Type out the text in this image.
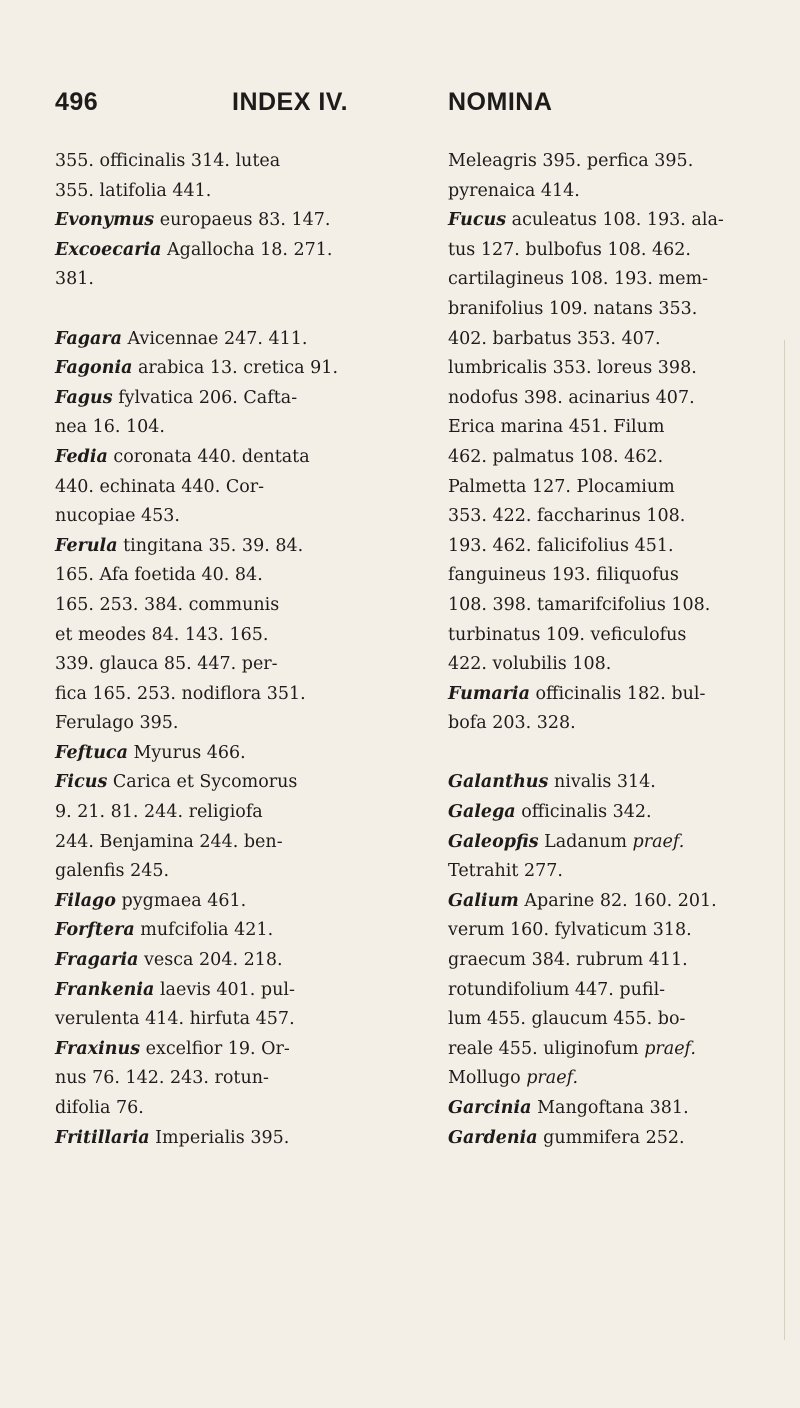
496	INDEX IV.	NOMINA
355. officinalis 314. lutea
355. latifolia 441.
Evonymus europaeus 83. 147.
Excoecaria Agallocha 18. 271.
381.
Fagara Avicennae 247. 411.
Fagonia arabica 13. cretica 91.
Fagus fylvatica 206. Cafta-
nea 16. 104.
Fedia coronata 440. dentata
440. echinata 440. Cor-
nucopiae 453.
Ferula tingitana 35. 39. 84.
165. Afa foetida 40. 84.
165. 253. 384. communis
et meodes 84. 143. 165.
339. glauca 85. 447. per-
fica 165. 253. nodiflora 351.
Ferulago 395.
Feftuca Myurus 466.
Ficus Carica et Sycomorus
9. 21. 81. 244. religiofa
244. Benjamina 244. ben-
galenfis 245.
Filago pygmaea 461.
Forftera mufcifolia 421.
Fragaria vesca 204. 218.
Frankenia laevis 401. pul-
verulenta 414. hirfuta 457.
Fraxinus excelfior 19. Or-
nus 76. 142. 243. rotun-
difolia 76.
Fritillaria Imperialis 395.
Meleagris 395. perfica 395.
pyrenaica 414.
Fucus aculeatus 108. 193. ala-
tus 127. bulbofus 108. 462.
cartilagineus 108. 193. mem-
branifolius 109. natans 353.
402. barbatus 353. 407.
lumbricalis 353. loreus 398.
nodofus 398. acinarius 407.
Erica marina 451. Filum
462. palmatus 108. 462.
Palmetta 127. Plocamium
353. 422. faccharinus 108.
193. 462. falicifolius 451.
fanguineus 193. filiquofus
108. 398. tamarifcifolius 108.
turbinatus 109. veficulofus
422. volubilis 108.
Fumaria officinalis 182. bul-
bofa 203. 328.
Galanthus nivalis 314.
Galega officinalis 342.
Galeopfis Ladanum praef.
Tetrahit 277.
Galium Aparine 82. 160. 201.
verum 160. fylvaticum 318.
graecum 384. rubrum 411.
rotundifolium 447. pufil-
lum 455. glaucum 455. bo-
reale 455. uliginofum praef.
Mollugo praef.
Garcinia Mangoftana 381.
Gardenia gummifera 252.
